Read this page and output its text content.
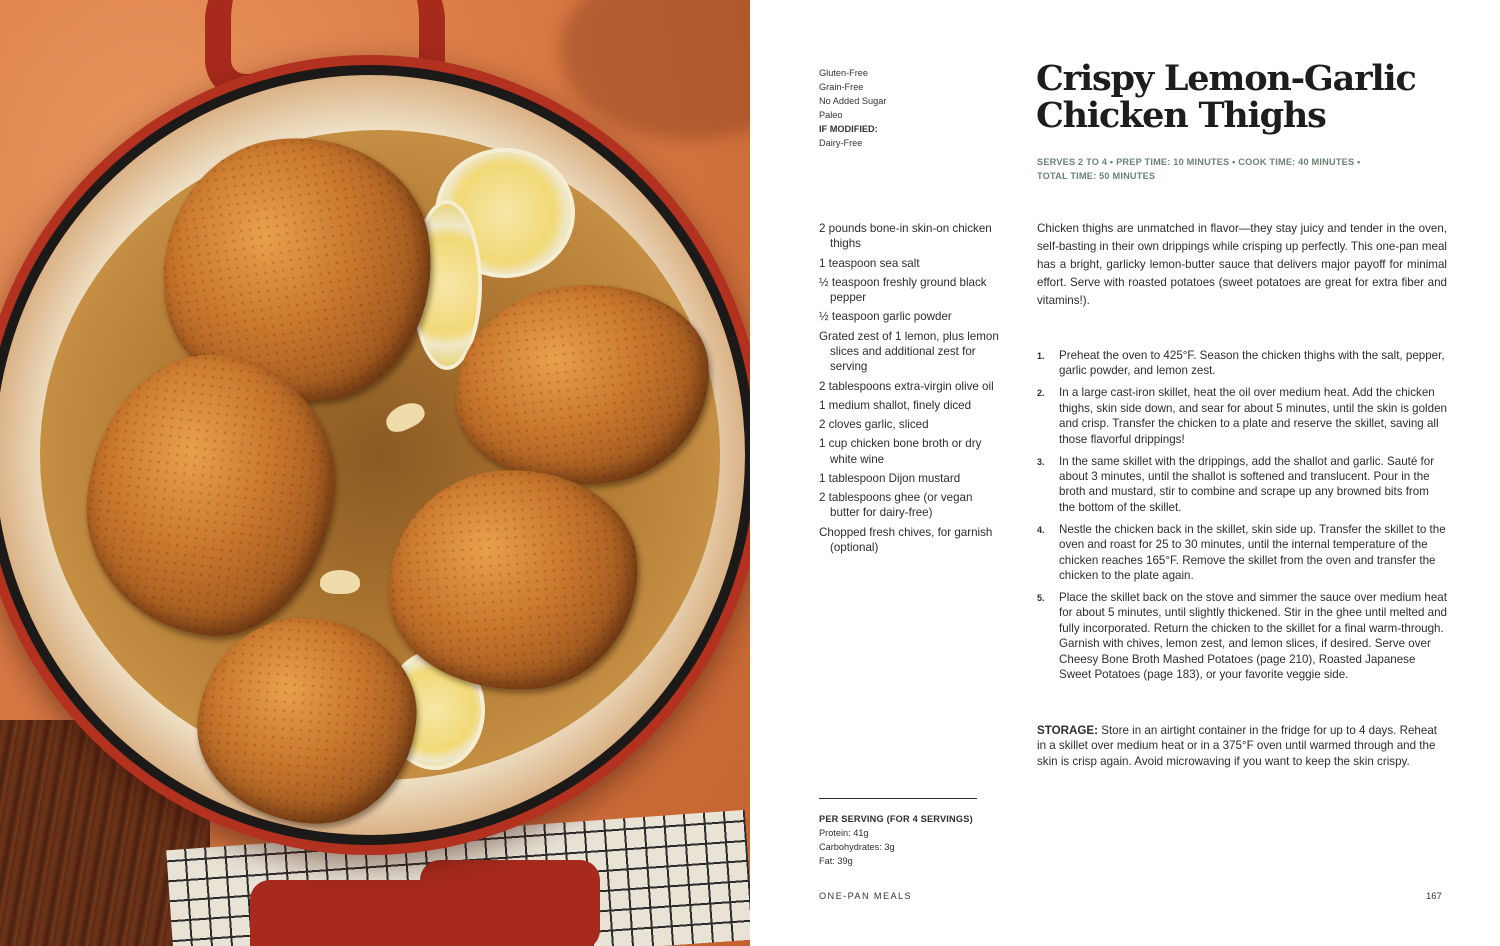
Gluten-Free
Grain-Free
No Added Sugar
Paleo
IF MODIFIED:
Dairy-Free
Crispy Lemon-Garlic
Chicken Thighs
SERVES 2 TO 4 • PREP TIME: 10 MINUTES • COOK TIME: 40 MINUTES •
TOTAL TIME: 50 MINUTES
2 pounds bone-in skin-on chicken thighs
1 teaspoon sea salt
½ teaspoon freshly ground black pepper
½ teaspoon garlic powder
Grated zest of 1 lemon, plus lemon slices and additional zest for serving
2 tablespoons extra-virgin olive oil
1 medium shallot, finely diced
2 cloves garlic, sliced
1 cup chicken bone broth or dry white wine
1 tablespoon Dijon mustard
2 tablespoons ghee (or vegan butter for dairy-free)
Chopped fresh chives, for garnish (optional)

Chicken thighs are unmatched in flavor—they stay juicy and tender in the oven, self-basting in their own drippings while crisping up perfectly. This one-pan meal has a bright, garlicky lemon-butter sauce that delivers major payoff for minimal effort. Serve with roasted potatoes (sweet potatoes are great for extra fiber and vitamins!).

1.	Preheat the oven to 425°F. Season the chicken thighs with the salt, pepper, garlic powder, and lemon zest.
2.	In a large cast-iron skillet, heat the oil over medium heat. Add the chicken thighs, skin side down, and sear for about 5 minutes, until the skin is golden and crisp. Transfer the chicken to a plate and reserve the skillet, saving all those flavorful drippings!
3.	In the same skillet with the drippings, add the shallot and garlic. Sauté for about 3 minutes, until the shallot is softened and translucent. Pour in the broth and mustard, stir to combine and scrape up any browned bits from the bottom of the skillet.
4.	Nestle the chicken back in the skillet, skin side up. Transfer the skillet to the oven and roast for 25 to 30 minutes, until the internal temperature of the chicken reaches 165°F. Remove the skillet from the oven and transfer the chicken to the plate again.
5.	Place the skillet back on the stove and simmer the sauce over medium heat for about 5 minutes, until slightly thickened. Stir in the ghee until melted and fully incorporated. Return the chicken to the skillet for a final warm-through. Garnish with chives, lemon zest, and lemon slices, if desired. Serve over Cheesy Bone Broth Mashed Potatoes (page 210), Roasted Japanese Sweet Potatoes (page 183), or your favorite veggie side.

STORAGE: Store in an airtight container in the fridge for up to 4 days. Reheat in a skillet over medium heat or in a 375°F oven until warmed through and the skin is crisp again. Avoid microwaving if you want to keep the skin crispy.

PER SERVING (FOR 4 SERVINGS)
Protein: 41g
Carbohydrates: 3g
Fat: 39g
ONE-PAN MEALS	167
